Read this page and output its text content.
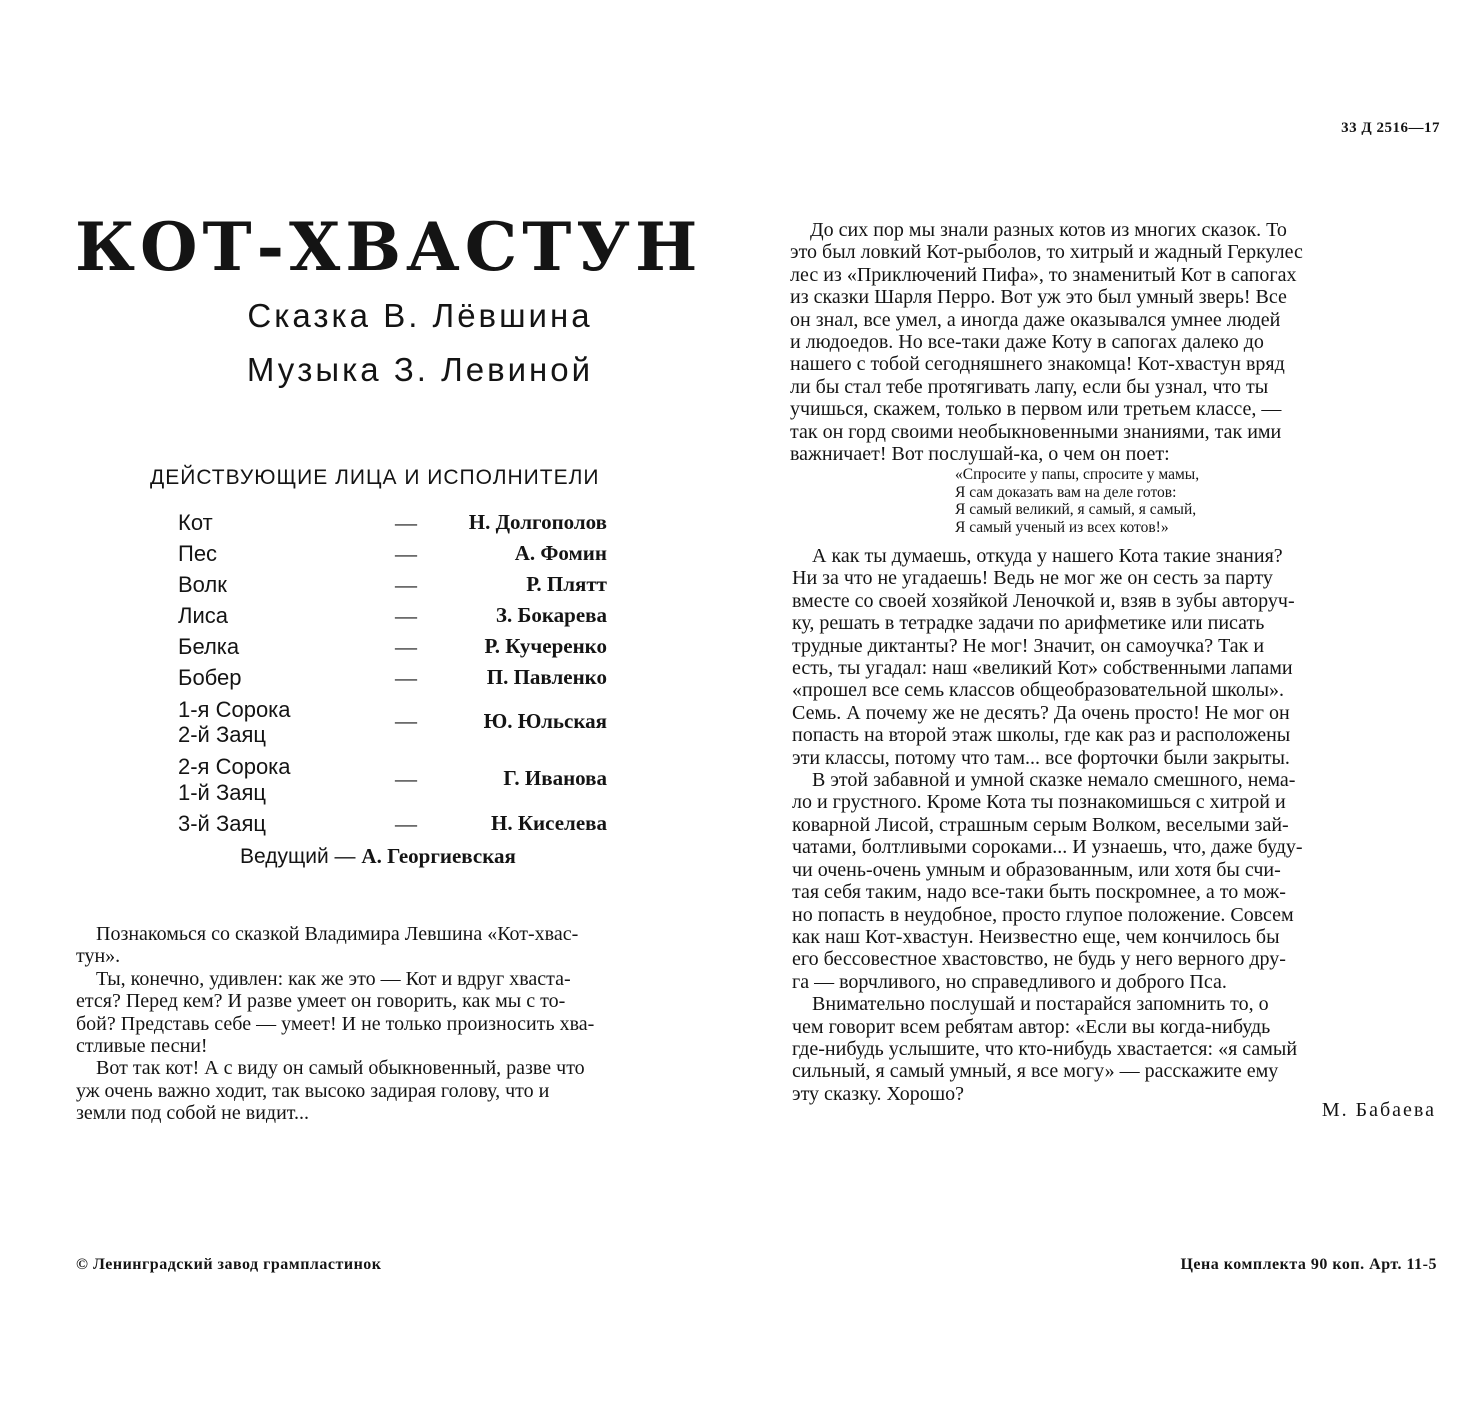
33 Д 2516—17
КОТ-ХВАСТУН
Сказка В. Лёвшина
Музыка З. Левиной
ДЕЙСТВУЮЩИЕ ЛИЦА И ИСПОЛНИТЕЛИ
Кот	—	Н. Долгополов
Пес	—	А. Фомин
Волк	—	Р. Плятт
Лиса	—	З. Бокарева
Белка	—	Р. Кучеренко
Бобер	—	П. Павленко
1-я Сорока
2-й Заяц
—	Ю. Юльская
2-я Сорока
1-й Заяц
—	Г. Иванова
3-й Заяц	—	Н. Киселева
Ведущий — А. Георгиевская
Познакомься со сказкой Владимира Левшина «Кот-хвас-
тун».
Ты, конечно, удивлен: как же это — Кот и вдруг хваста-
ется? Перед кем? И разве умеет он говорить, как мы с то-
бой? Представь себе — умеет! И не только произносить хва-
стливые песни!
Вот так кот! А с виду он самый обыкновенный, разве что
уж очень важно ходит, так высоко задирая голову, что и
земли под собой не видит...
До сих пор мы знали разных котов из многих сказок. То
это был ловкий Кот-рыболов, то хитрый и жадный Геркулес
лес из «Приключений Пифа», то знаменитый Кот в сапогах
из сказки Шарля Перро. Вот уж это был умный зверь! Все
он знал, все умел, а иногда даже оказывался умнее людей
и людоедов. Но все-таки даже Коту в сапогах далеко до
нашего с тобой сегодняшнего знакомца! Кот-хвастун вряд
ли бы стал тебе протягивать лапу, если бы узнал, что ты
учишься, скажем, только в первом или третьем классе, —
так он горд своими необыкновенными знаниями, так ими
важничает! Вот послушай-ка, о чем он поет:
«Спросите у папы, спросите у мамы,
Я сам доказать вам на деле готов:
Я самый великий, я самый, я самый,
Я самый ученый из всех котов!»
А как ты думаешь, откуда у нашего Кота такие знания?
Ни за что не угадаешь! Ведь не мог же он сесть за парту
вместе со своей хозяйкой Леночкой и, взяв в зубы авторуч-
ку, решать в тетрадке задачи по арифметике или писать
трудные диктанты? Не мог! Значит, он самоучка? Так и
есть, ты угадал: наш «великий Кот» собственными лапами
«прошел все семь классов общеобразовательной школы».
Семь. А почему же не десять? Да очень просто! Не мог он
попасть на второй этаж школы, где как раз и расположены
эти классы, потому что там... все форточки были закрыты.
В этой забавной и умной сказке немало смешного, нема-
ло и грустного. Кроме Кота ты познакомишься с хитрой и
коварной Лисой, страшным серым Волком, веселыми зай-
чатами, болтливыми сороками... И узнаешь, что, даже буду-
чи очень-очень умным и образованным, или хотя бы счи-
тая себя таким, надо все-таки быть поскромнее, а то мож-
но попасть в неудобное, просто глупое положение. Совсем
как наш Кот-хвастун. Неизвестно еще, чем кончилось бы
его бессовестное хвастовство, не будь у него верного дру-
га — ворчливого, но справедливого и доброго Пса.
Внимательно послушай и постарайся запомнить то, о
чем говорит всем ребятам автор: «Если вы когда-нибудь
где-нибудь услышите, что кто-нибудь хвастается: «я самый
сильный, я самый умный, я все могу» — расскажите ему
эту сказку. Хорошо?
М. Бабаева
© Ленинградский завод грампластинок	Цена комплекта 90 коп. Арт. 11-5
